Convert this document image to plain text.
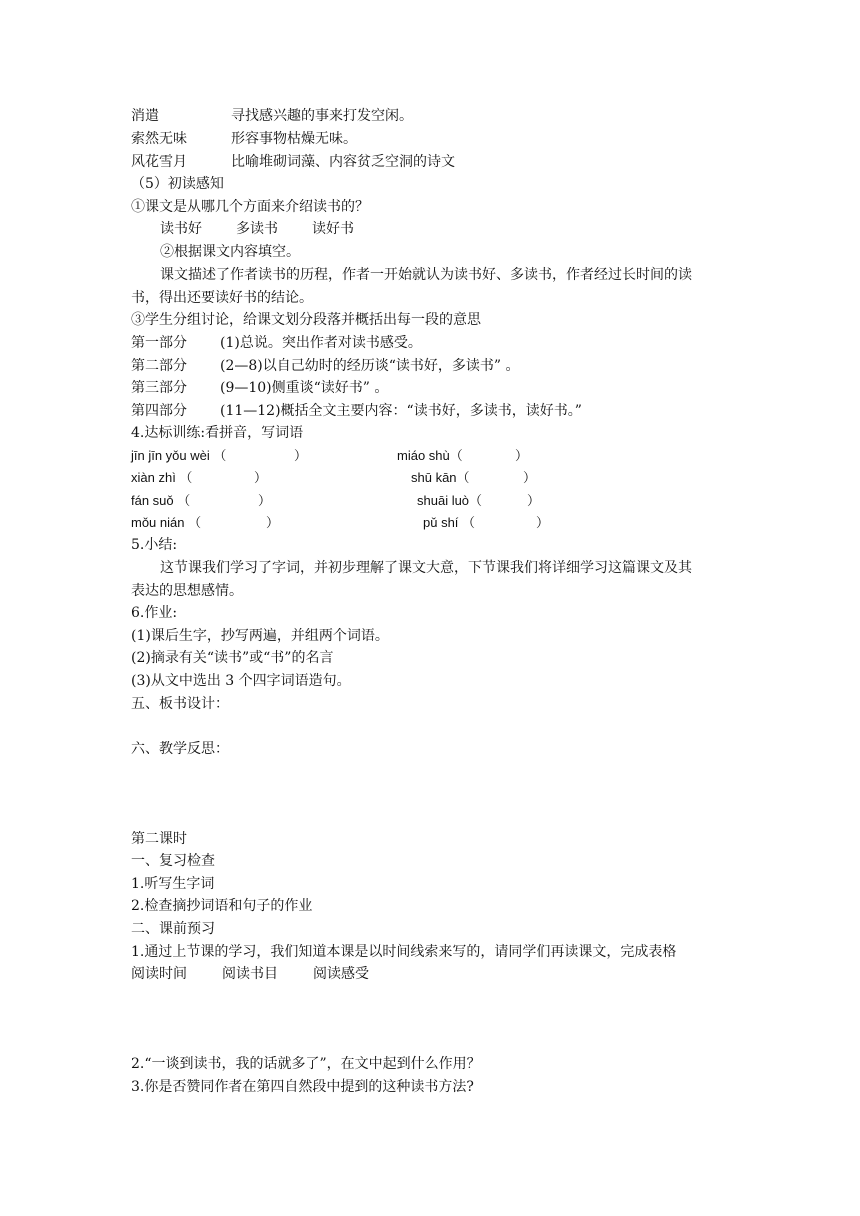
消遣	寻找感兴趣的事来打发空闲。
索然无味	形容事物枯燥无味。
风花雪月	比喻堆砌词藻、内容贫乏空洞的诗文
（5）初读感知
①课文是从哪几个方面来介绍读书的？
读书好 多读书 读好书
②根据课文内容填空。
课文描述了作者读书的历程，作者一开始就认为读书好、多读书，作者经过长时间的读
书，得出还要读好书的结论。
③学生分组讨论，给课文划分段落并概括出每一段的意思
第一部分 (1)总说。突出作者对读书感受。
第二部分 (2—8)以自己幼时的经历谈“读书好，多读书” 。
第三部分 (9—10)侧重谈“读好书” 。
第四部分 (11—12)概括全文主要内容：“读书好，多读书，读好书。”
4.达标训练:看拼音，写词语
jīn jīn yǒu wèi （	）	miáo shù（	）
xiàn zhì （	）	shū kān（	）
fán suǒ （	）	shuāi luò（	）
mǒu nián （	）	pǔ shí （	）
5.小结:
这节课我们学习了字词，并初步理解了课文大意，下节课我们将详细学习这篇课文及其
表达的思想感情。
6.作业:
(1)课后生字，抄写两遍，并组两个词语。
(2)摘录有关“读书”或“书”的名言
(3)从文中选出 3 个四字词语造句。
五、板书设计：
六、教学反思：
第二课时
一、复习检查
1.听写生字词
2.检查摘抄词语和句子的作业
二、课前预习
1.通过上节课的学习，我们知道本课是以时间线索来写的，请同学们再读课文，完成表格
阅读时间	阅读书目	阅读感受
2.“一谈到读书，我的话就多了”，在文中起到什么作用？
3.你是否赞同作者在第四自然段中提到的这种读书方法?
